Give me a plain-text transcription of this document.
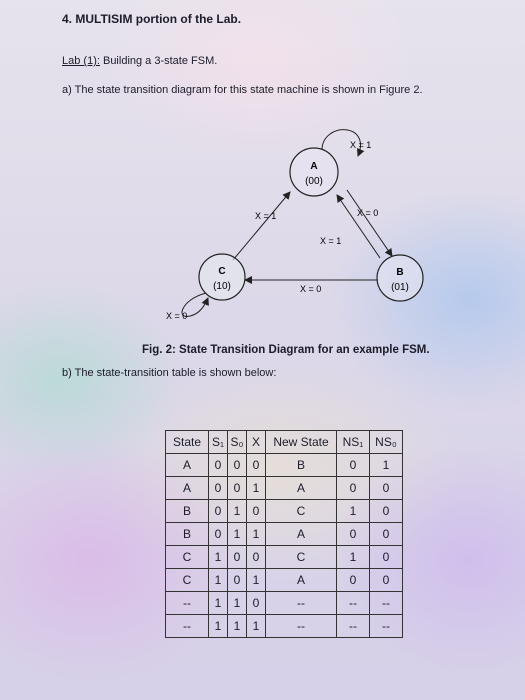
4. MULTISIM portion of the Lab.
Lab (1): Building a 3-state FSM.
a) The state transition diagram for this state machine is shown in Figure 2.
X = 1
X = 0
X = 1
X = 1
X = 0
X = 0
A
(00)
B
(01)
C
(10)
Fig. 2: State Transition Diagram for an example FSM.
b) The state-transition table is shown below:
State	S₁	S₀	X	New State	NS₁	NS₀
A	0	0	0	B	0	1
A	0	0	1	A	0	0
B	0	1	0	C	1	0
B	0	1	1	A	0	0
C	1	0	0	C	1	0
C	1	0	1	A	0	0
--	1	1	0	--	--	--
--	1	1	1	--	--	--
